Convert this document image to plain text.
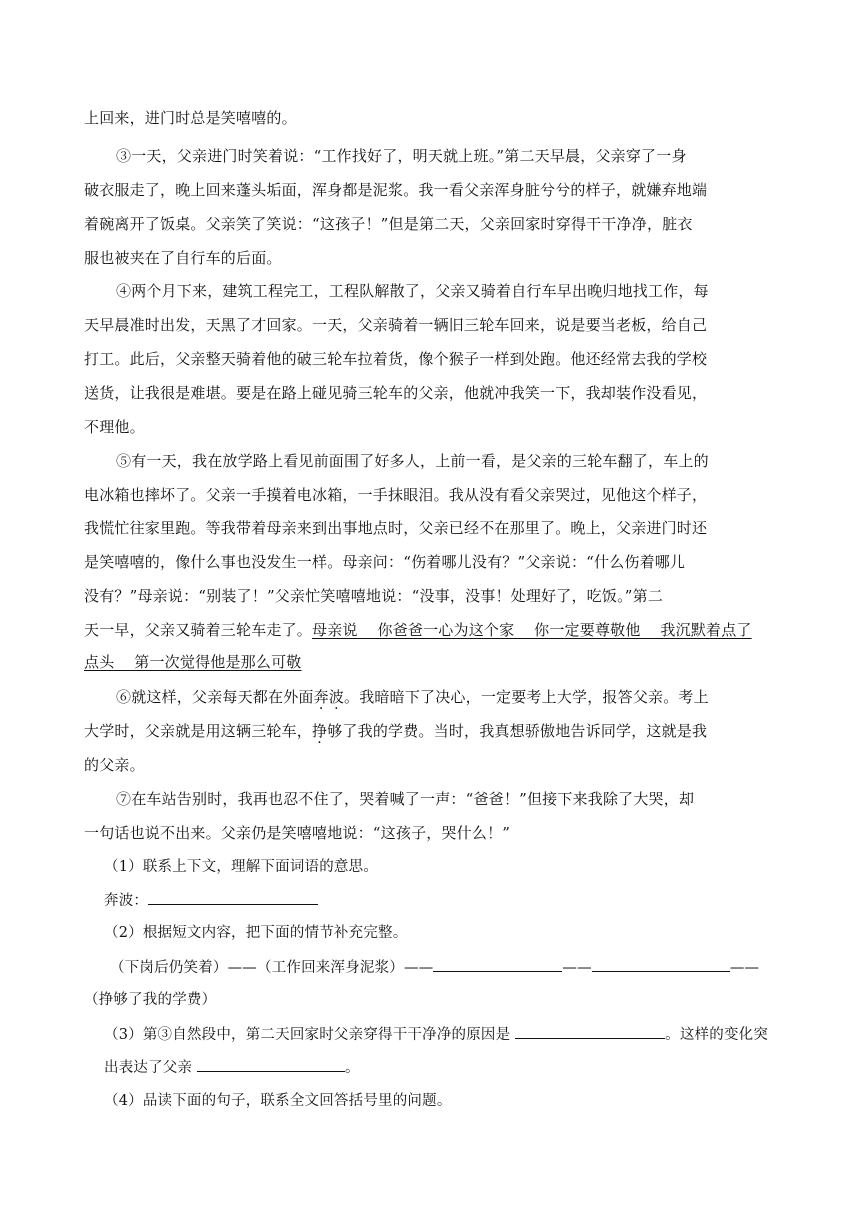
上回来，进门时总是笑嘻嘻的。
③一天，父亲进门时笑着说：“工作找好了，明天就上班。”第二天早晨，父亲穿了一身
破衣服走了，晚上回来蓬头垢面，浑身都是泥浆。我一看父亲浑身脏兮兮的样子，就嫌弃地端
着碗离开了饭桌。父亲笑了笑说：“这孩子！”但是第二天，父亲回家时穿得干干净净，脏衣
服也被夹在了自行车的后面。
④两个月下来，建筑工程完工，工程队解散了，父亲又骑着自行车早出晚归地找工作，每
天早晨准时出发，天黑了才回家。一天，父亲骑着一辆旧三轮车回来，说是要当老板，给自己
打工。此后，父亲整天骑着他的破三轮车拉着货，像个猴子一样到处跑。他还经常去我的学校
送货，让我很是难堪。要是在路上碰见骑三轮车的父亲，他就冲我笑一下，我却装作没看见，
不理他。
⑤有一天，我在放学路上看见前面围了好多人，上前一看，是父亲的三轮车翻了，车上的
电冰箱也摔坏了。父亲一手摸着电冰箱，一手抹眼泪。我从没有看父亲哭过，见他这个样子，
我慌忙往家里跑。等我带着母亲来到出事地点时，父亲已经不在那里了。晚上，父亲进门时还
是笑嘻嘻的，像什么事也没发生一样。母亲问：“伤着哪儿没有？”父亲说：“什么伤着哪儿
没有？”母亲说：“别装了！”父亲忙笑嘻嘻地说：“没事，没事！处理好了，吃饭。”第二
天一早，父亲又骑着三轮车走了。母亲说    你爸爸一心为这个家    你一定要尊敬他    我沉默着点了
点头    第一次觉得他是那么可敬
⑥就这样，父亲每天都在外面奔波。我暗暗下了决心，一定要考上大学，报答父亲。考上
大学时，父亲就是用这辆三轮车，挣够了我的学费。当时，我真想骄傲地告诉同学，这就是我
的父亲。
⑦在车站告别时，我再也忍不住了，哭着喊了一声：“爸爸！”但接下来我除了大哭，却
一句话也说不出来。父亲仍是笑嘻嘻地说：“这孩子，哭什么！”
（1）联系上下文，理解下面词语的意思。
奔波：
（2）根据短文内容，把下面的情节补充完整。
（下岗后仍笑着）——（工作回来浑身泥浆）——	——	——
（挣够了我的学费）
（3）第③自然段中，第二天回家时父亲穿得干干净净的原因是	。这样的变化突
出表达了父亲	。
（4）品读下面的句子，联系全文回答括号里的问题。
